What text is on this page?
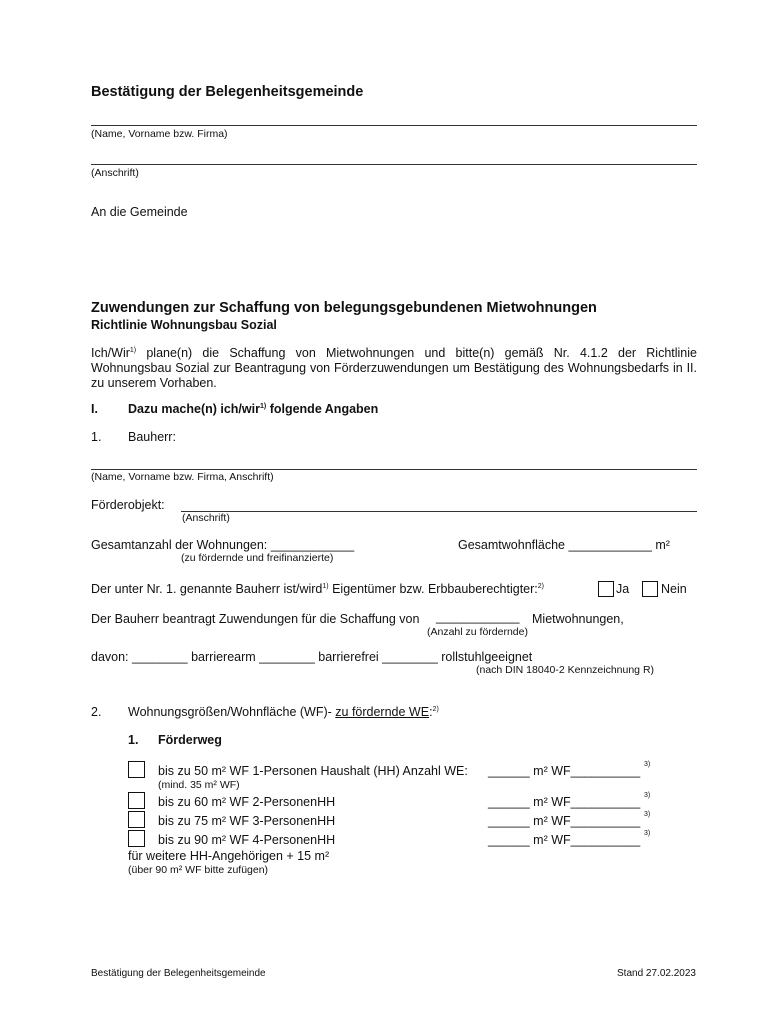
Bestätigung der Belegenheitsgemeinde
(Name, Vorname bzw. Firma)
(Anschrift)
An die Gemeinde
Zuwendungen zur Schaffung von belegungsgebundenen Mietwohnungen
Richtlinie Wohnungsbau Sozial
Ich/Wir$^{1)}$ plane(n) die Schaffung von Mietwohnungen und bitte(n) gemäß Nr. 4.1.2 der Richtlinie Wohnungsbau Sozial zur Beantragung von Förderzuwendungen um Bestätigung des Wohnungsbedarfs in II. zu unserem Vorhaben.
I. Dazu mache(n) ich/wir$^{1)}$ folgende Angaben
1. Bauherr:
(Name, Vorname bzw. Firma, Anschrift)
Förderobjekt:
(Anschrift)
Gesamtanzahl der Wohnungen: ____________
(zu fördernde und freifinanzierte)
Gesamtwohnfläche ____________ m²
Der unter Nr. 1. genannte Bauherr ist/wird$^{1)}$ Eigentümer bzw. Erbbauberechtigter:$^{2)}$	Ja	Nein
Der Bauherr beantragt Zuwendungen für die Schaffung von ____________ Mietwohnungen,
(Anzahl zu fördernde)
davon: ________ barrierearm ________ barrierefrei ________ rollstuhlgeeignet
(nach DIN 18040-2 Kennzeichnung R)
2. Wohnungsgrößen/Wohnfläche (WF)- zu fördernde WE:$^{2)}$
1. Förderweg
bis zu 50 m² WF 1-Personen Haushalt (HH) Anzahl WE: ______ m² WF__________ 3)
(mind. 35 m² WF)
bis zu 60 m² WF 2-PersonenHH	______ m² WF__________ 3)
bis zu 75 m² WF 3-PersonenHH	______ m² WF__________ 3)
bis zu 90 m² WF 4-PersonenHH	______ m² WF__________ 3)
für weitere HH-Angehörigen + 15 m²
(über 90 m² WF bitte zufügen)
Bestätigung der Belegenheitsgemeinde	Stand 27.02.2023
